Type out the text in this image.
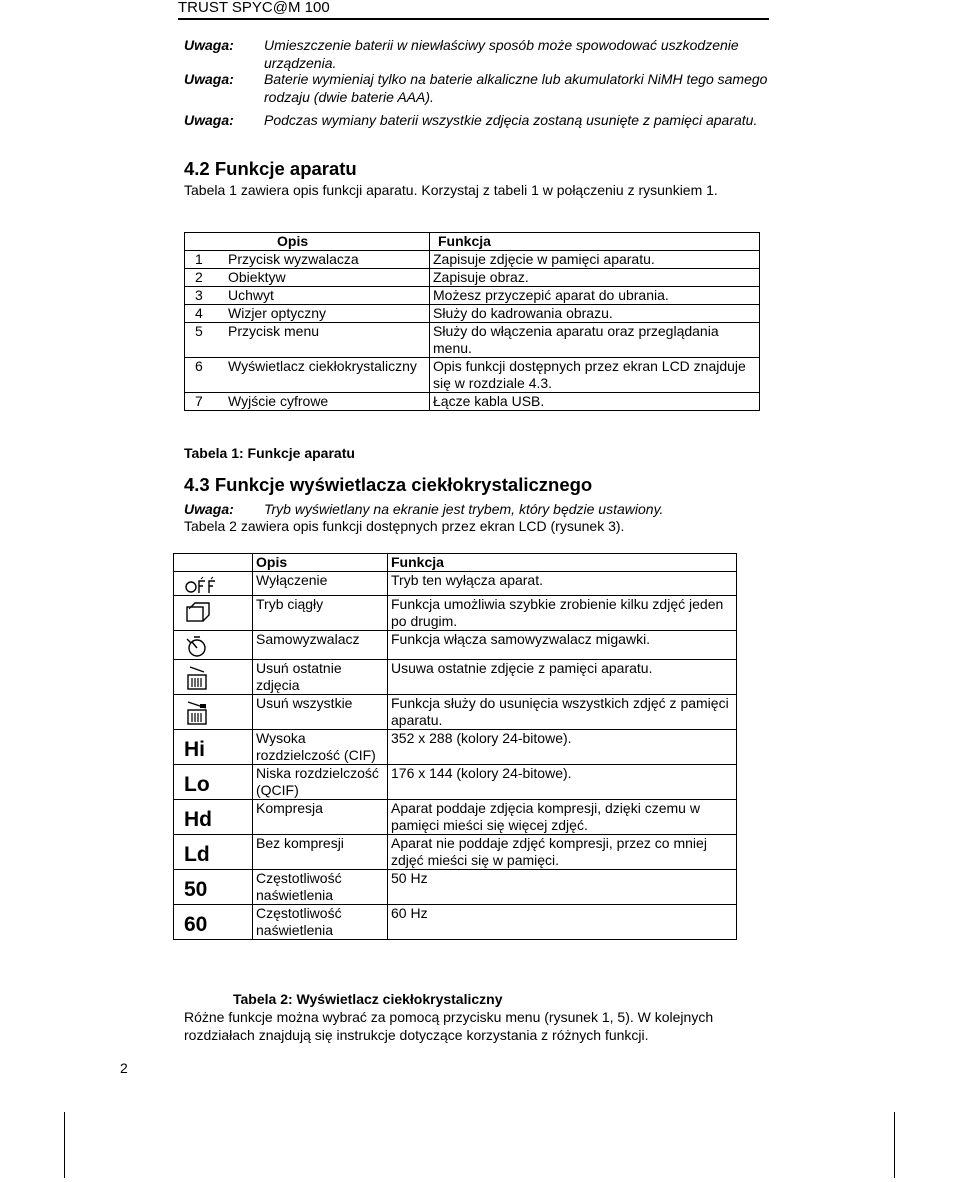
TRUST SPYC@M 100
Uwaga: Umieszczenie baterii w niewłaściwy sposób może spowodować uszkodzenie urządzenia.
Uwaga: Baterie wymieniaj tylko na baterie alkaliczne lub akumulatorki NiMH tego samego rodzaju (dwie baterie AAA).
Uwaga: Podczas wymiany baterii wszystkie zdjęcia zostaną usunięte z pamięci aparatu.
4.2 Funkcje aparatu
Tabela 1 zawiera opis funkcji aparatu. Korzystaj z tabeli 1 w połączeniu z rysunkiem 1.
	Opis	Funkcja
1	Przycisk wyzwalacza	Zapisuje zdjęcie w pamięci aparatu.
2	Obiektyw	Zapisuje obraz.
3	Uchwyt	Możesz przyczepić aparat do ubrania.
4	Wizjer optyczny	Służy do kadrowania obrazu.
5	Przycisk menu	Służy do włączenia aparatu oraz przeglądania menu.
6	Wyświetlacz ciekłokrystaliczny	Opis funkcji dostępnych przez ekran LCD znajduje się w rozdziale 4.3.
7	Wyjście cyfrowe	Łącze kabla USB.
Tabela 1: Funkcje aparatu
4.3 Funkcje wyświetlacza ciekłokrystalicznego
Uwaga: Tryb wyświetlany na ekranie jest trybem, który będzie ustawiony.
Tabela 2 zawiera opis funkcji dostępnych przez ekran LCD (rysunek 3).
	Opis	Funkcja

	Wyłączenie	Tryb ten wyłącza aparat.

	Tryb ciągły	Funkcja umożliwia szybkie zrobienie kilku zdjęć jeden po drugim.

	Samowyzwalacz	Funkcja włącza samowyzwalacz migawki.

	Usuń ostatnie zdjęcia	Usuwa ostatnie zdjęcie z pamięci aparatu.

	Usuń wszystkie	Funkcja służy do usunięcia wszystkich zdjęć z pamięci aparatu.

Hi	Wysoka rozdzielczość (CIF)	352 x 288 (kolory 24-bitowe).

Lo	Niska rozdzielczość (QCIF)	176 x 144 (kolory 24-bitowe).

Hd	Kompresja	Aparat poddaje zdjęcia kompresji, dzięki czemu w pamięci mieści się więcej zdjęć.

Ld	Bez kompresji	Aparat nie poddaje zdjęć kompresji, przez co mniej zdjęć mieści się w pamięci.

50	Częstotliwość naświetlenia	50 Hz

60	Częstotliwość naświetlenia	60 Hz
Tabela 2: Wyświetlacz ciekłokrystaliczny
Różne funkcje można wybrać za pomocą przycisku menu (rysunek 1, 5). W kolejnych rozdziałach znajdują się instrukcje dotyczące korzystania z różnych funkcji.
2
